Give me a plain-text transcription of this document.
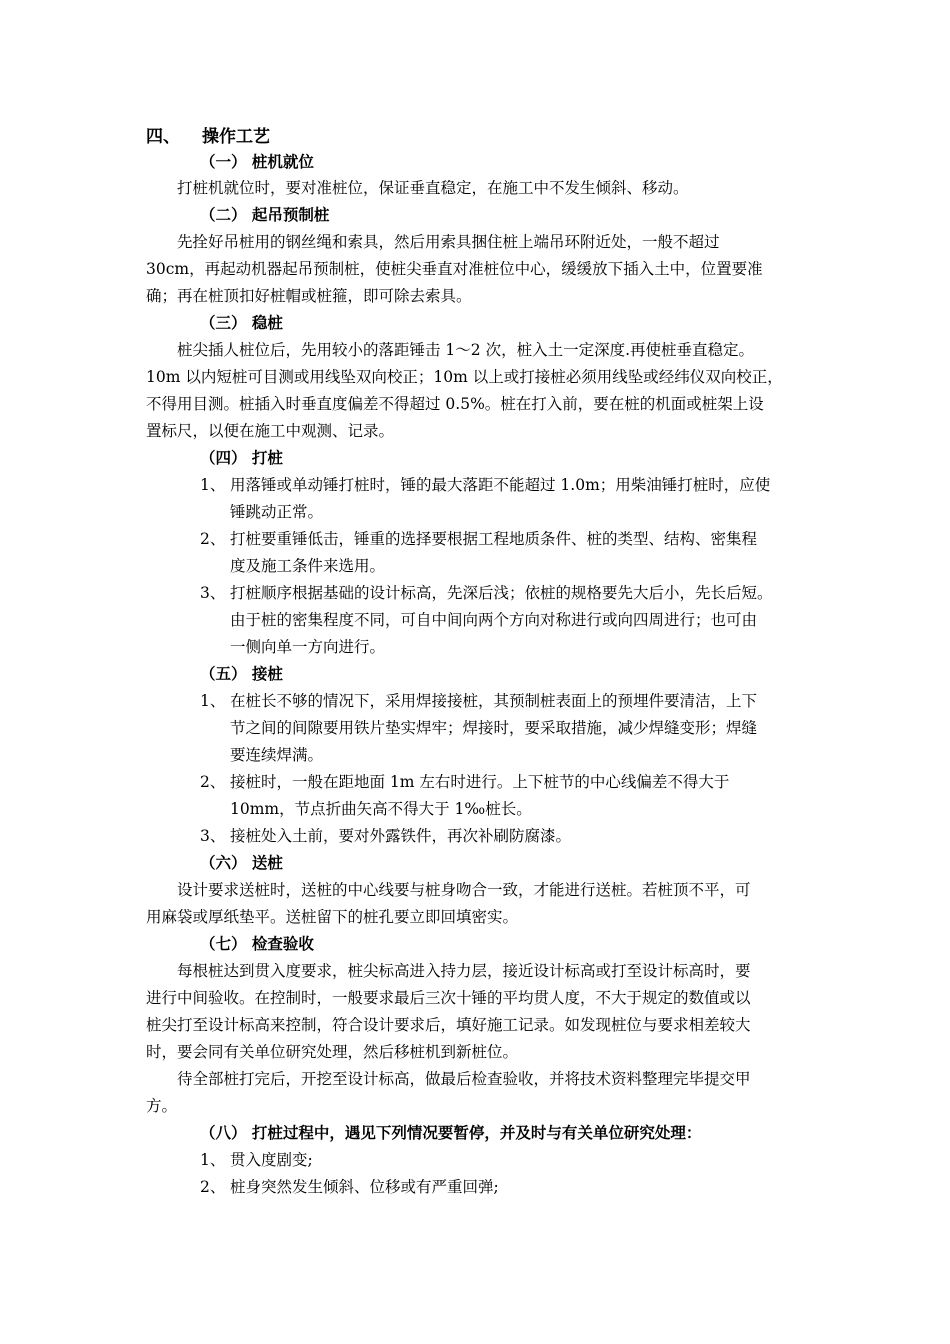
四、 操作工艺
（一） 桩机就位
打桩机就位时，要对准桩位，保证垂直稳定，在施工中不发生倾斜、移动。
（二） 起吊预制桩
先拴好吊桩用的钢丝绳和索具，然后用索具捆住桩上端吊环附近处，一般不超过
30cm，再起动机器起吊预制桩，使桩尖垂直对准桩位中心，缓缓放下插入土中，位置要准
确；再在桩顶扣好桩帽或桩箍，即可除去索具。
（三） 稳桩
桩尖插人桩位后，先用较小的落距锤击 1～2 次，桩入土一定深度.再使桩垂直稳定。
10m 以内短桩可目测或用线坠双向校正；10m 以上或打接桩必须用线坠或经纬仪双向校正，
不得用目测。桩插入时垂直度偏差不得超过 0.5%。桩在打入前，要在桩的机面或桩架上设
置标尺，以便在施工中观测、记录。
（四） 打桩
1、 用落锤或单动锤打桩时，锤的最大落距不能超过 1.0m；用柴油锤打桩时，应使
锤跳动正常。
2、 打桩要重锤低击，锤重的选择要根据工程地质条件、桩的类型、结构、密集程
度及施工条件来选用。
3、 打桩顺序根据基础的设计标高，先深后浅；依桩的规格要先大后小，先长后短。
由于桩的密集程度不同，可自中间向两个方向对称进行或向四周进行；也可由
一侧向单一方向进行。
（五） 接桩
1、 在桩长不够的情况下，采用焊接接桩，其预制桩表面上的预埋件要清洁，上下
节之间的间隙要用铁片垫实焊牢；焊接时，要采取措施，减少焊缝变形；焊缝
要连续焊满。
2、 接桩时，一般在距地面 1m 左右时进行。上下桩节的中心线偏差不得大于
10mm，节点折曲矢高不得大于 1‰桩长。
3、 接桩处入土前，要对外露铁件，再次补刷防腐漆。
（六） 送桩
设计要求送桩时，送桩的中心线要与桩身吻合一致，才能进行送桩。若桩顶不平，可
用麻袋或厚纸垫平。送桩留下的桩孔要立即回填密实。
（七） 检查验收
每根桩达到贯入度要求，桩尖标高进入持力层，接近设计标高或打至设计标高时，要
进行中间验收。在控制时，一般要求最后三次十锤的平均贯人度，不大于规定的数值或以
桩尖打至设计标高来控制，符合设计要求后，填好施工记录。如发现桩位与要求相差较大
时，要会同有关单位研究处理，然后移桩机到新桩位。
待全部桩打完后，开挖至设计标高，做最后检查验收，并将技术资料整理完毕提交甲
方。
（八） 打桩过程中，遇见下列情况要暂停，并及时与有关单位研究处理：
1、 贯入度剧变;
2、 桩身突然发生倾斜、位移或有严重回弹;
